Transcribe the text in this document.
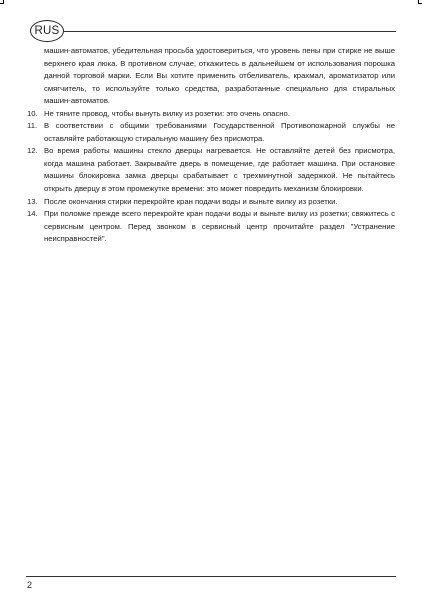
RUS

машин-автоматов, убедительная просьба удостовериться, что уровень пены при стирке не выше верхнего края люка. В противном случае, откажитесь в дальнейшем от использования порошка данной торговой марки. Если Вы хотите применить отбеливатель, крахмал, ароматизатор или смягчитель, то используйте только средства, разработанные специально для стиральных машин-автоматов.

10. Не тяните провод, чтобы вынуть вилку из розетки: это очень опасно.
11. В соответствии с общими требованиями Государственной Противопожарной службы не оставляйте работающую стиральную машину без присмотра.
12. Во время работы машины стекло дверцы нагревается. Не оставляйте детей без присмотра, когда машина работает. Закрывайте дверь в помещение, где работает машина. При остановке машины блокировка замка дверцы срабатывает с трехминутной задержкой. Не пытайтесь открыть дверцу в этом промежутке времени: это может повредить механизм блокировки.
13. После окончания стирки перекройте кран подачи воды и выньте вилку из розетки.
14. При поломке прежде всего перекройте кран подачи воды и выньте вилку из розетки; свяжитесь с сервисным центром. Перед звонком в сервисный центр прочитайте раздел "Устранение неисправностей".
2
